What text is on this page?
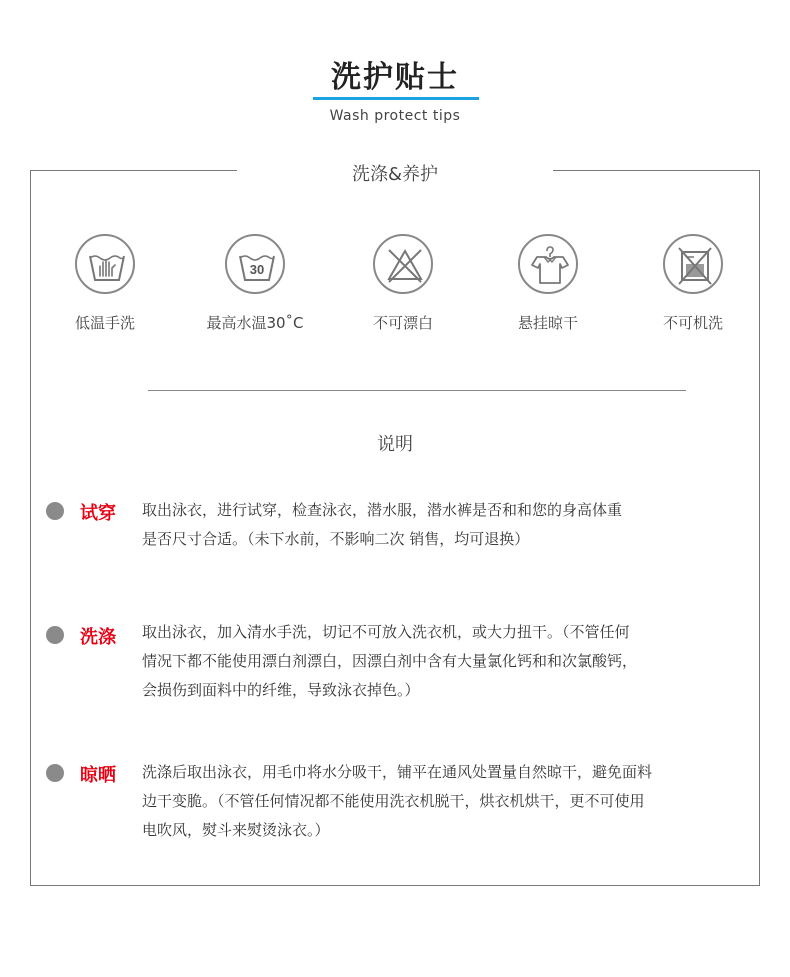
洗护贴士
Wash protect tips
洗涤&养护
低温手洗
30
最高水温30˚C	不可漂白	悬挂晾干	不可机洗
说明
试穿 取出泳衣，进行试穿，检查泳衣，潜水服，潜水裤是否和和您的身高体重
是否尺寸合适。（未下水前，不影响二次 销售，均可退换）
洗涤 取出泳衣，加入清水手洗，切记不可放入洗衣机，或大力扭干。（不管任何
情况下都不能使用漂白剂漂白，因漂白剂中含有大量氯化钙和和次氯酸钙，
会损伤到面料中的纤维，导致泳衣掉色。）
晾晒 洗涤后取出泳衣，用毛巾将水分吸干，铺平在通风处置量自然晾干，避免面料
边干变脆。（不管任何情况都不能使用洗衣机脱干，烘衣机烘干，更不可使用
电吹风，熨斗来熨烫泳衣。）
